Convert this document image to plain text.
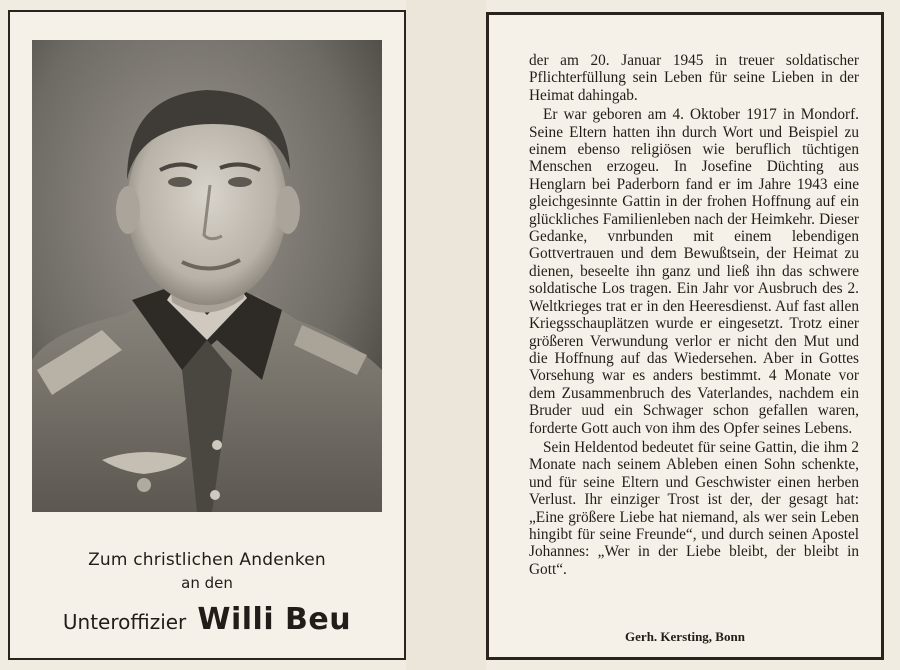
Zum christlichen Andenken
an den
Unteroffizier Willi Beu

der am 20. Januar 1945 in treuer soldatischer Pflichterfüllung sein Leben für seine Lieben in der Heimat dahingab.

Er war geboren am 4. Oktober 1917 in Mondorf. Seine Eltern hatten ihn durch Wort und Beispiel zu einem ebenso religiösen wie beruflich tüchtigen Menschen erzogeu. In Josefine Düchting aus Henglarn bei Paderborn fand er im Jahre 1943 eine gleichgesinnte Gattin in der frohen Hoffnung auf ein glückliches Familienleben nach der Heimkehr. Dieser Gedanke, vnrbunden mit einem lebendigen Gottvertrauen und dem Bewußtsein, der Heimat zu dienen, beseelte ihn ganz und ließ ihn das schwere soldatische Los tragen. Ein Jahr vor Ausbruch des 2. Weltkrieges trat er in den Heeresdienst. Auf fast allen Kriegsschauplätzen wurde er eingesetzt. Trotz einer größeren Verwundung verlor er nicht den Mut und die Hoffnung auf das Wiedersehen. Aber in Gottes Vorsehung war es anders bestimmt. 4 Monate vor dem Zusammenbruch des Vaterlandes, nachdem ein Bruder uud ein Schwager schon gefallen waren, forderte Gott auch von ihm des Opfer seines Lebens.

Sein Heldentod bedeutet für seine Gattin, die ihm 2 Monate nach seinem Ableben einen Sohn schenkte, und für seine Eltern und Geschwister einen herben Verlust. Ihr einziger Trost ist der, der gesagt hat: „Eine größere Liebe hat niemand, als wer sein Leben hingibt für seine Freunde“, und durch seinen Apostel Johannes: „Wer in der Liebe bleibt, der bleibt in Gott“.

Gerh. Kersting, Bonn
